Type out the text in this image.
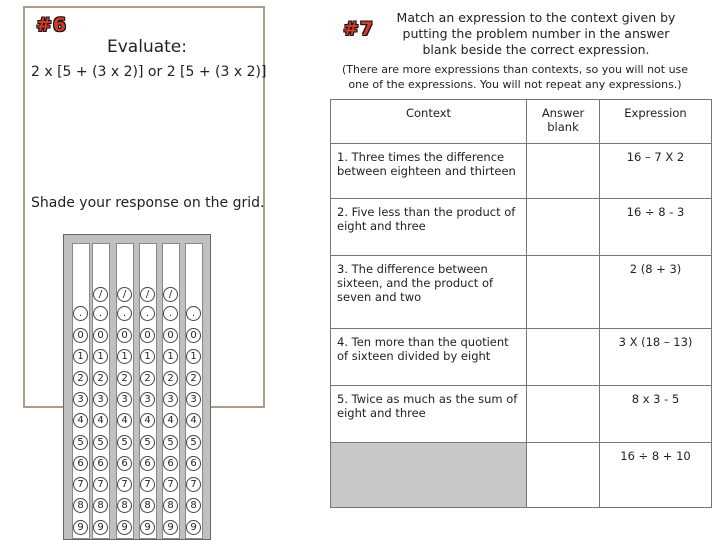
#6
Evaluate:
2 x [5 + (3 x 2)] or 2 [5 + (3 x 2)]
Shade your response on the grid.
.
0
1
2
3
4
5
6
7
8
9
/
.
0
1
2
3
4
5
6
7
8
9
/
.
0
1
2
3
4
5
6
7
8
9
/
.
0
1
2
3
4
5
6
7
8
9
/
.
0
1
2
3
4
5
6
7
8
9
.
0
1
2
3
4
5
6
7
8
9
#7
Match an expression to the context given by putting the problem number in the answer blank beside the correct expression.
(There are more expressions than contexts, so you will not use one of the expressions. You will not repeat any expressions.)
Context	Answer blank	Expression
1. Three times the difference between eighteen and thirteen		16 – 7 X 2
2. Five less than the product of eight and three		16 ÷ 8 - 3
3. The difference between sixteen, and the product of seven and two		2 (8 + 3)
4. Ten more than the quotient of sixteen divided by eight		3 X (18 – 13)
5. Twice as much as the sum of eight and three		8 x 3 - 5
		16 ÷ 8 + 10
